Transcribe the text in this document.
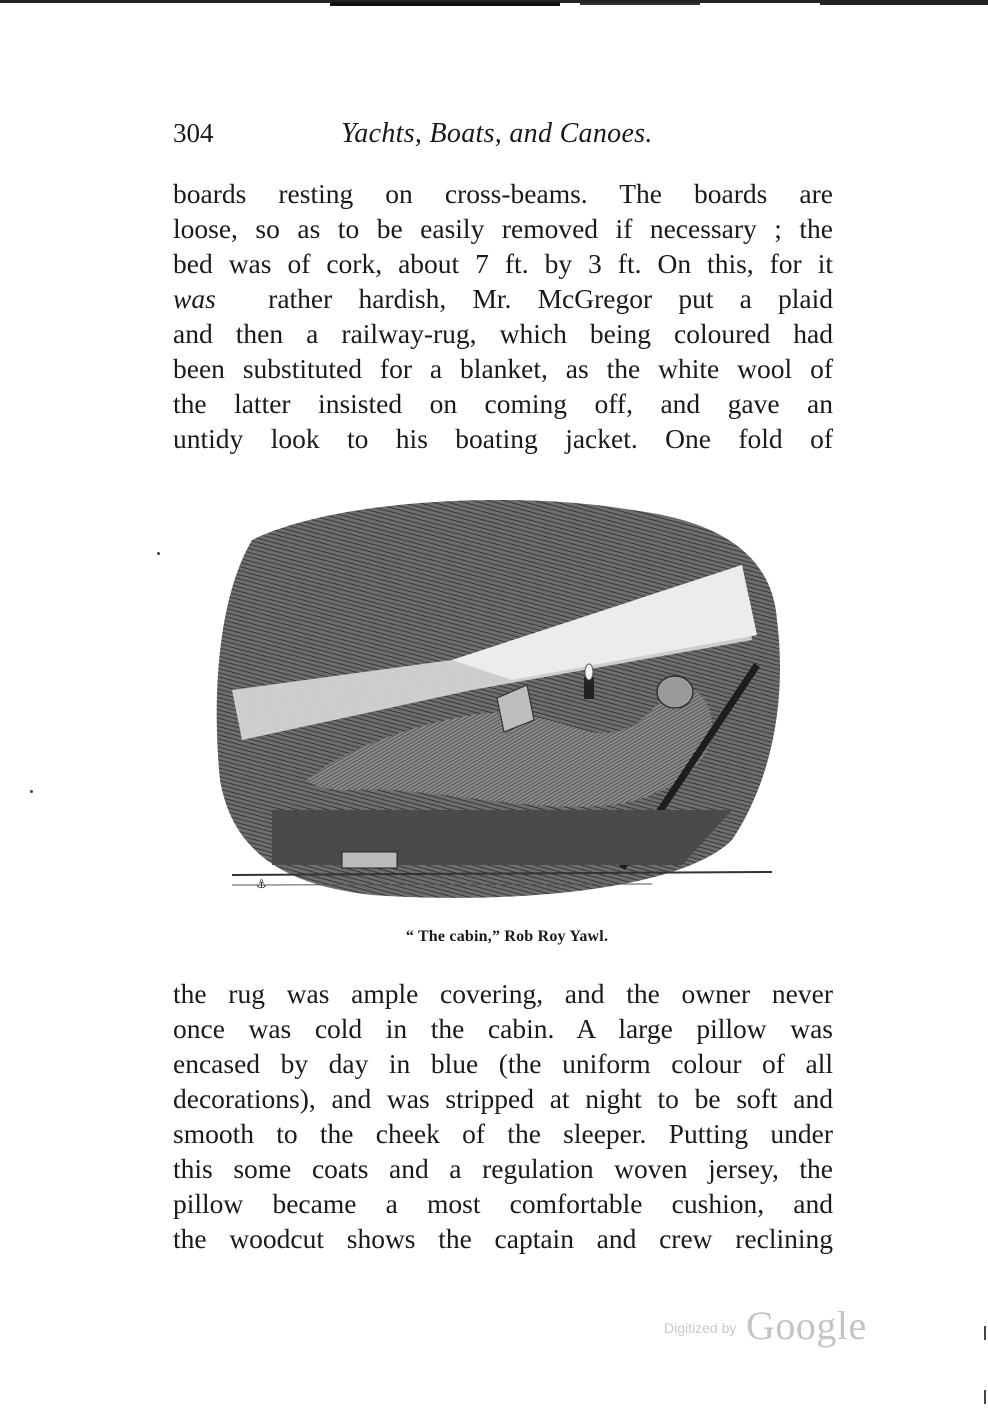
304	Yachts, Boats, and Canoes.
boards resting on cross-beams. The boards are
loose, so as to be easily removed if necessary ; the
bed was of cork, about 7 ft. by 3 ft. On this, for it
was rather hardish, Mr. McGregor put a plaid
and then a railway-rug, which being coloured had
been substituted for a blanket, as the white wool of
the latter insisted on coming off, and gave an
untidy look to his boating jacket. One fold of
⚓
“ The cabin,” Rob Roy Yawl.
the rug was ample covering, and the owner never
once was cold in the cabin. A large pillow was
encased by day in blue (the uniform colour of all
decorations), and was stripped at night to be soft and
smooth to the cheek of the sleeper. Putting under
this some coats and a regulation woven jersey, the
pillow became a most comfortable cushion, and
the woodcut shows the captain and crew reclining
Digitized by Google
